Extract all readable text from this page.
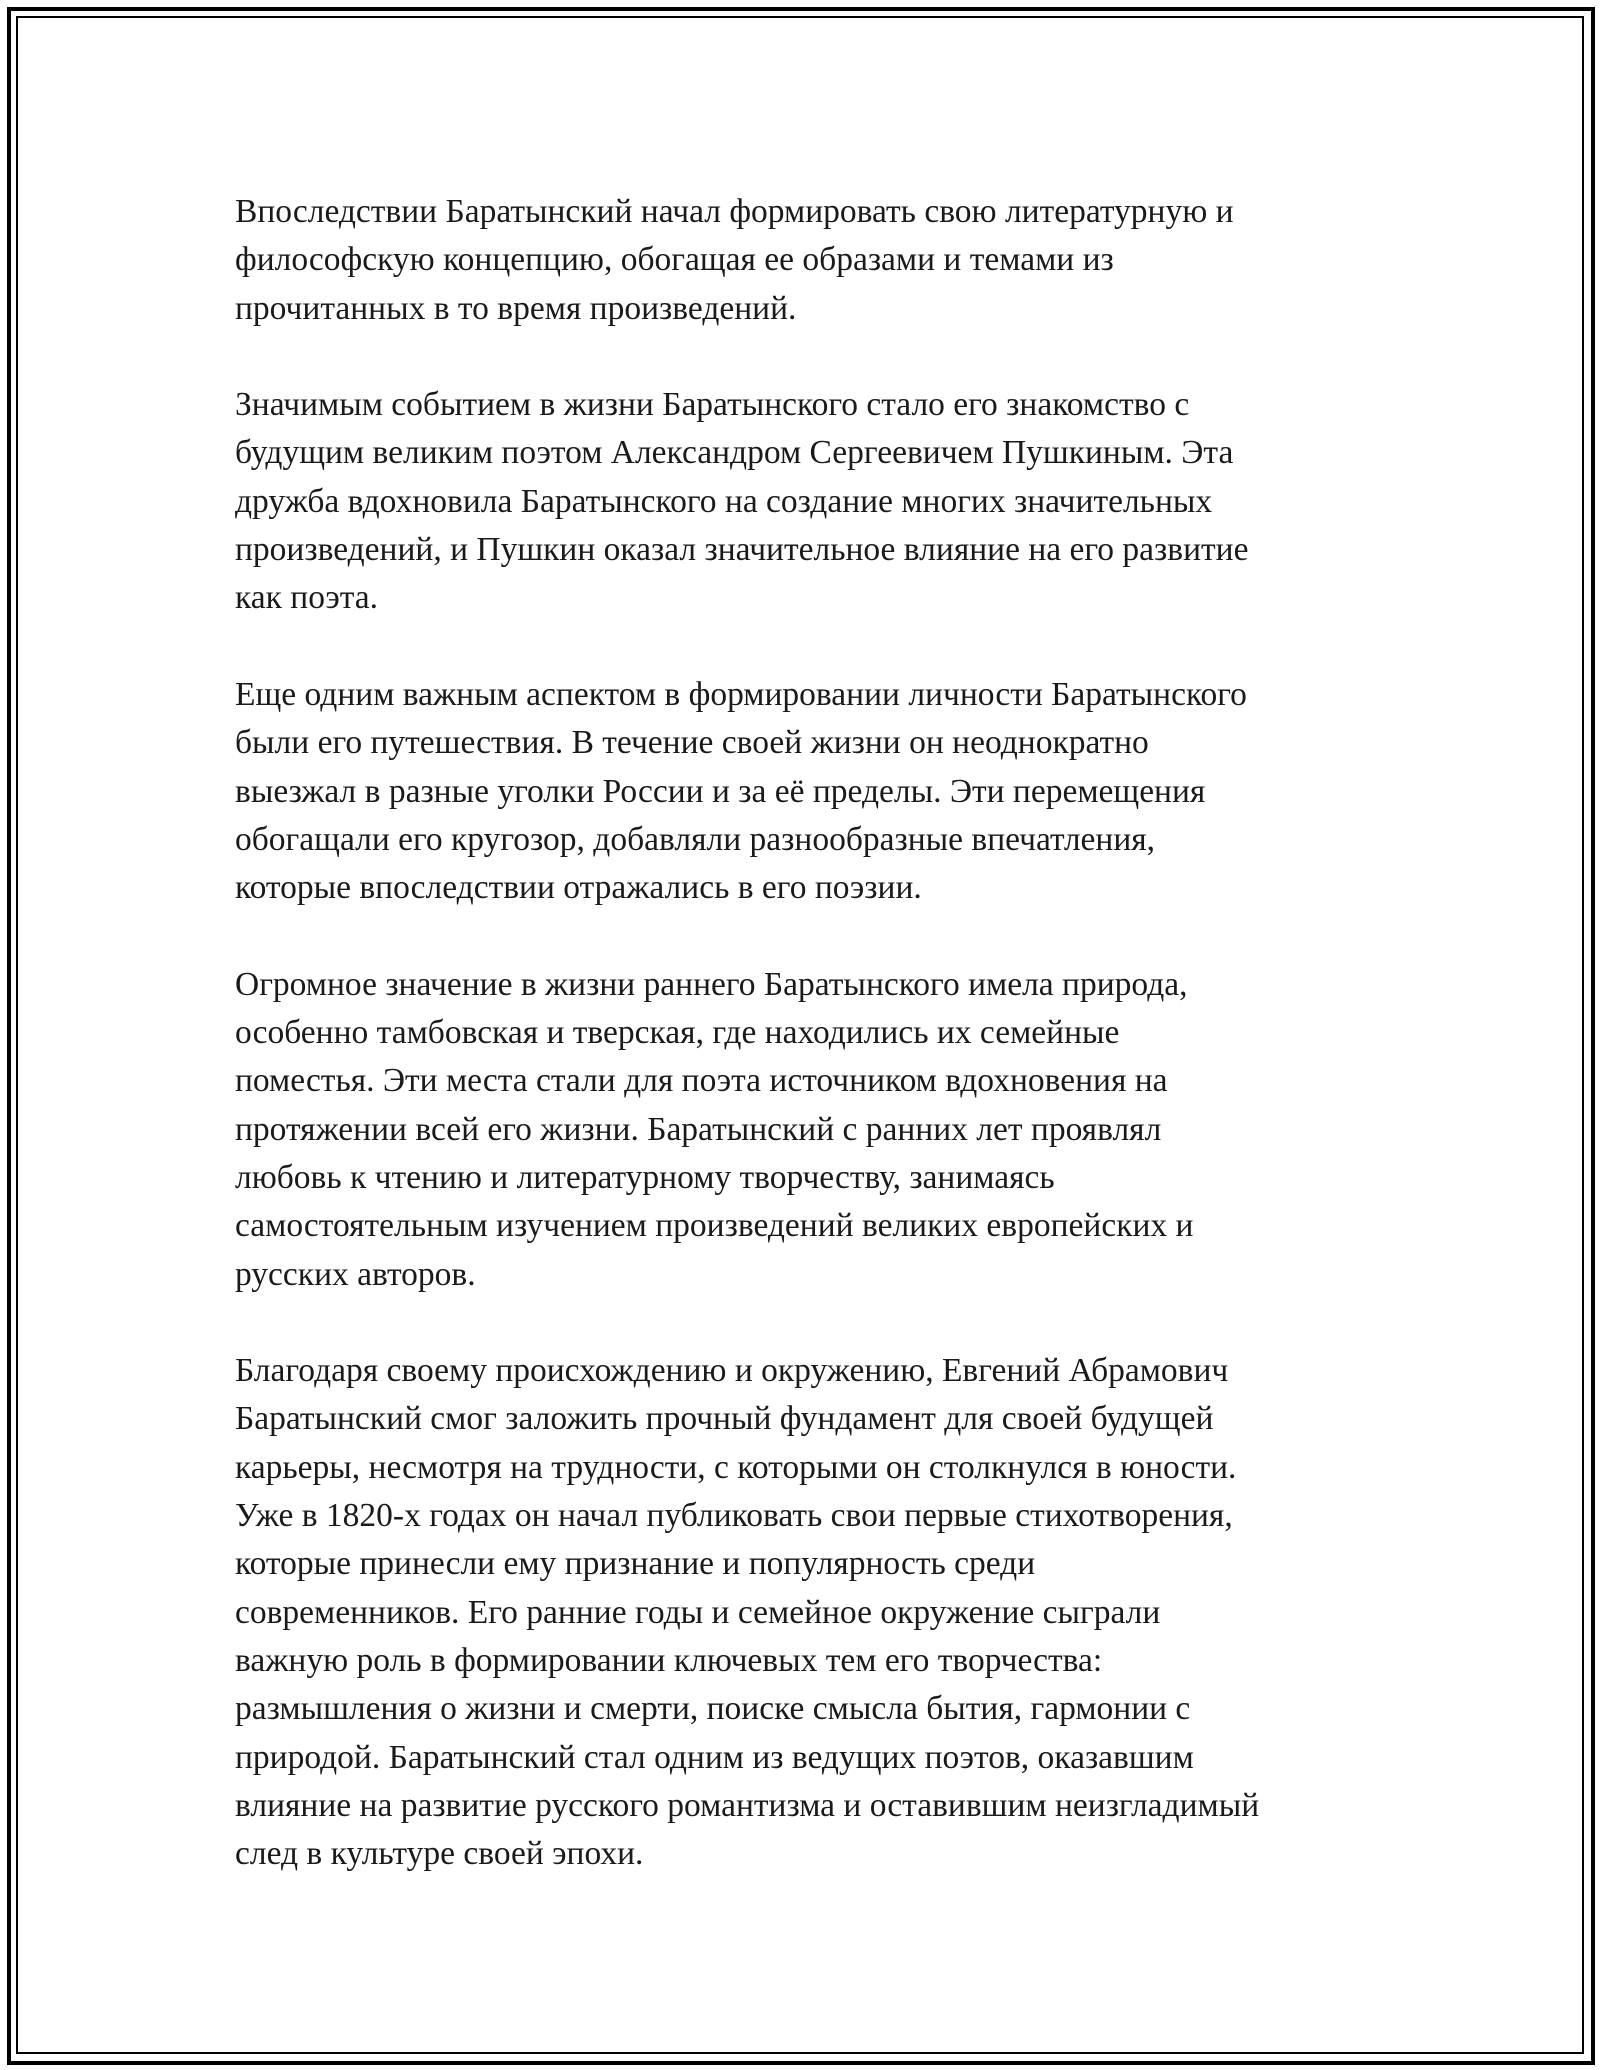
Впоследствии Баратынский начал формировать свою литературную и
философскую концепцию, обогащая ее образами и темами из
прочитанных в то время произведений.

Значимым событием в жизни Баратынского стало его знакомство с
будущим великим поэтом Александром Сергеевичем Пушкиным. Эта
дружба вдохновила Баратынского на создание многих значительных
произведений, и Пушкин оказал значительное влияние на его развитие
как поэта.

Еще одним важным аспектом в формировании личности Баратынского
были его путешествия. В течение своей жизни он неоднократно
выезжал в разные уголки России и за её пределы. Эти перемещения
обогащали его кругозор, добавляли разнообразные впечатления,
которые впоследствии отражались в его поэзии.

Огромное значение в жизни раннего Баратынского имела природа,
особенно тамбовская и тверская, где находились их семейные
поместья. Эти места стали для поэта источником вдохновения на
протяжении всей его жизни. Баратынский с ранних лет проявлял
любовь к чтению и литературному творчеству, занимаясь
самостоятельным изучением произведений великих европейских и
русских авторов.

Благодаря своему происхождению и окружению, Евгений Абрамович
Баратынский смог заложить прочный фундамент для своей будущей
карьеры, несмотря на трудности, с которыми он столкнулся в юности.
Уже в 1820-х годах он начал публиковать свои первые стихотворения,
которые принесли ему признание и популярность среди
современников. Его ранние годы и семейное окружение сыграли
важную роль в формировании ключевых тем его творчества:
размышления о жизни и смерти, поиске смысла бытия, гармонии с
природой. Баратынский стал одним из ведущих поэтов, оказавшим
влияние на развитие русского романтизма и оставившим неизгладимый
след в культуре своей эпохи.
